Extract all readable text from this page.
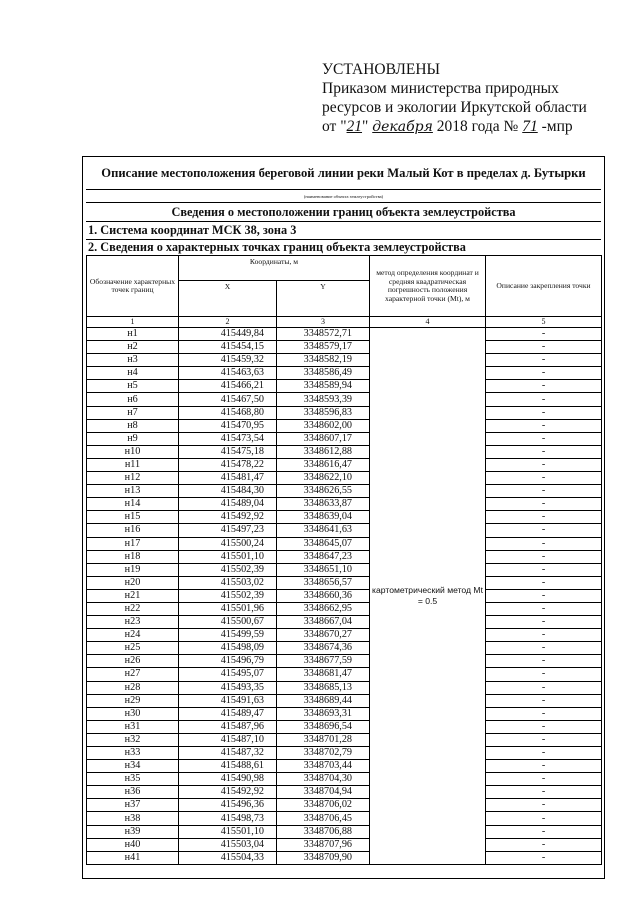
УСТАНОВЛЕНЫ
Приказом министерства природных
ресурсов и экологии Иркутской области
от "21" декабря 2018 года № 71 -мпр
Описание местоположения береговой линии реки Малый Кот в пределах д. Бутырки
(наименование объекта землеустройства)
Сведения о местоположении границ объекта землеустройства
1. Система координат МСК 38, зона 3
2. Сведения о характерных точках границ объекта землеустройства
Обозначение характерных точек границ	Координаты, м		метод определения координат и средняя квадратическая погрешность положения характерной точки (Mt), м	Описание закрепления точки
	X	Y		
1	2	3	4	5
н1	415449,84	3348572,71	картометрический метод Mt = 0.5	-
н2	415454,15	3348579,17		-
н3	415459,32	3348582,19		-
н4	415463,63	3348586,49		-
н5	415466,21	3348589,94		-
н6	415467,50	3348593,39		-
н7	415468,80	3348596,83		-
н8	415470,95	3348602,00		-
н9	415473,54	3348607,17		-
н10	415475,18	3348612,88		-
н11	415478,22	3348616,47		-
н12	415481,47	3348622,10		-
н13	415484,30	3348626,55		-
н14	415489,04	3348633,87		-
н15	415492,92	3348639,04		-
н16	415497,23	3348641,63		-
н17	415500,24	3348645,07		-
н18	415501,10	3348647,23		-
н19	415502,39	3348651,10		-
н20	415503,02	3348656,57		-
н21	415502,39	3348660,36		-
н22	415501,96	3348662,95		-
н23	415500,67	3348667,04		-
н24	415499,59	3348670,27		-
н25	415498,09	3348674,36		-
н26	415496,79	3348677,59		-
н27	415495,07	3348681,47		-
н28	415493,35	3348685,13		-
н29	415491,63	3348689,44		-
н30	415489,47	3348693,31		-
н31	415487,96	3348696,54		-
н32	415487,10	3348701,28		-
н33	415487,32	3348702,79		-
н34	415488,61	3348703,44		-
н35	415490,98	3348704,30		-
н36	415492,92	3348704,94		-
н37	415496,36	3348706,02		-
н38	415498,73	3348706,45		-
н39	415501,10	3348706,88		-
н40	415503,04	3348707,96		-
н41	415504,33	3348709,90		-
